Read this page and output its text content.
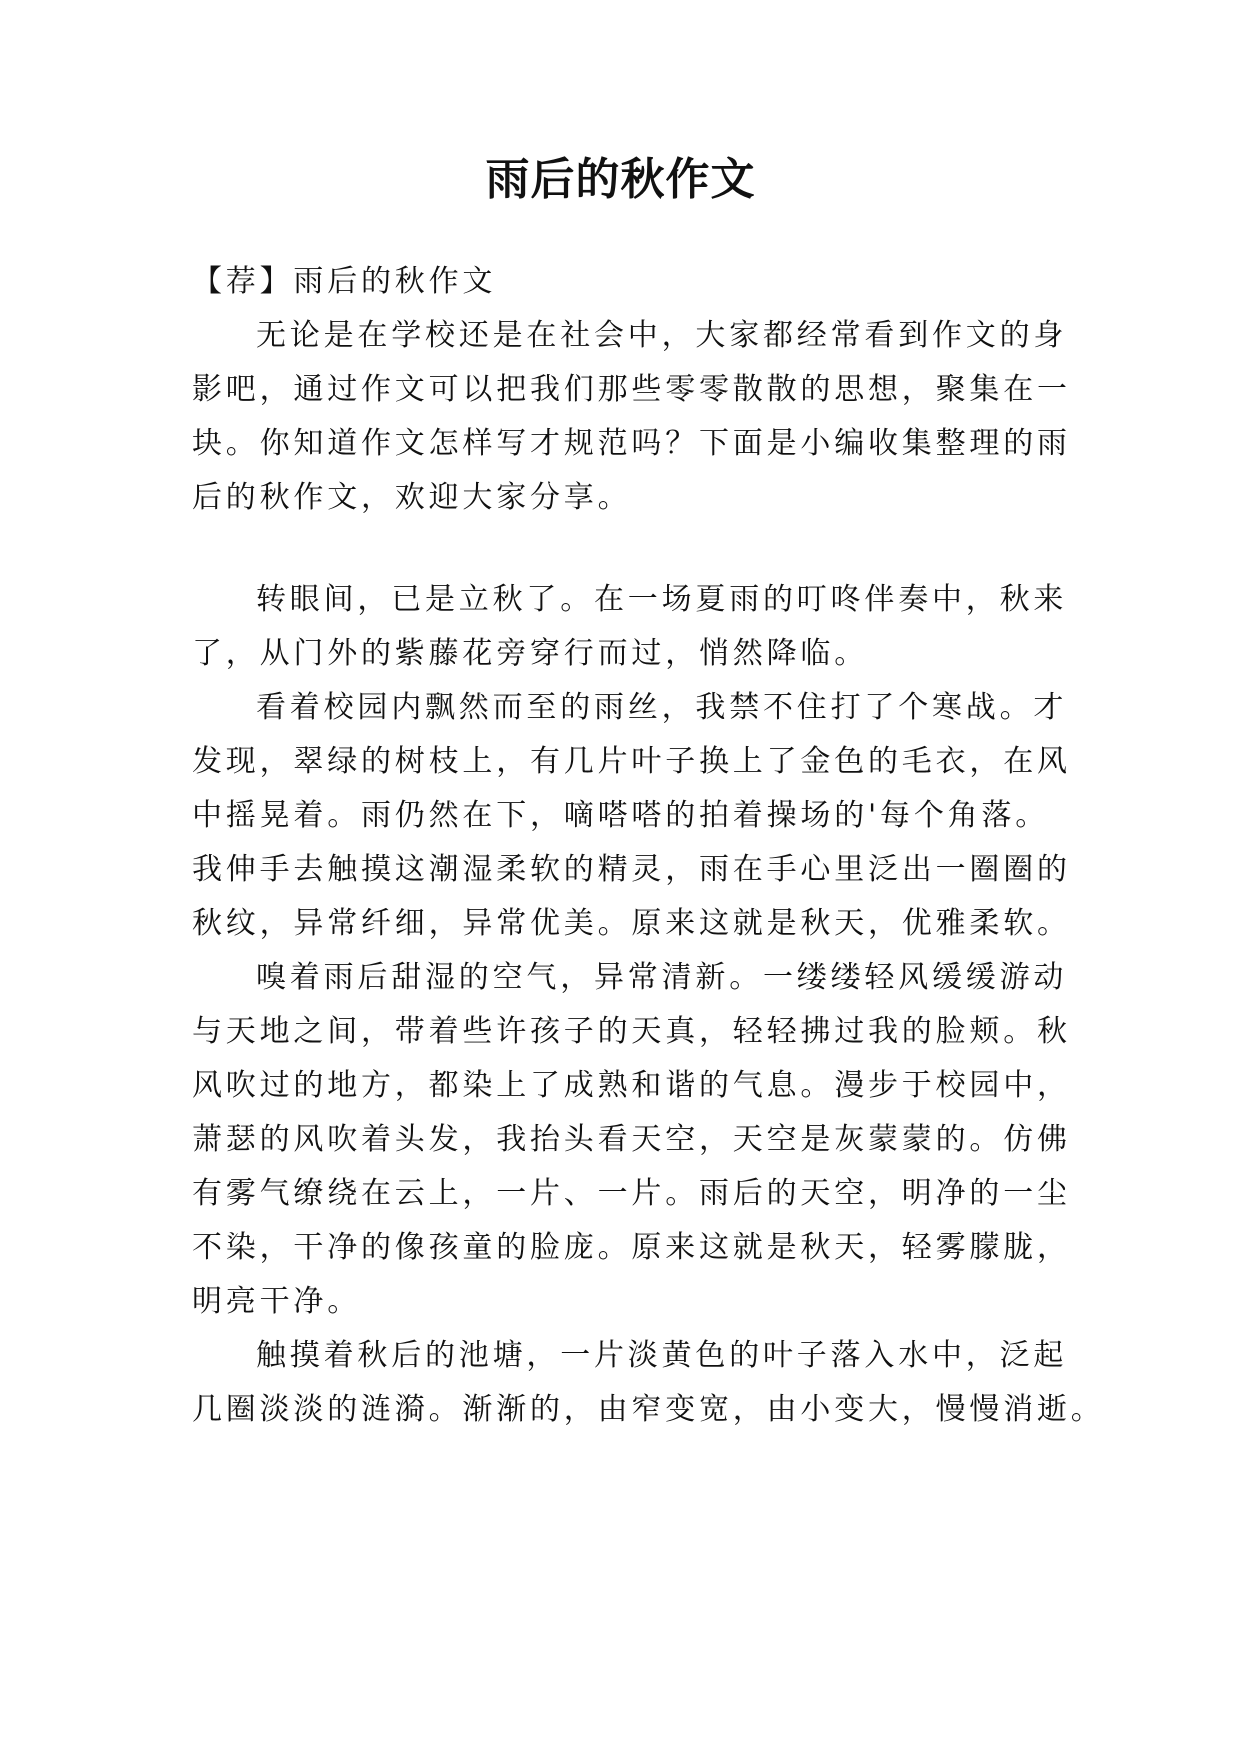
雨后的秋作文

【荐】雨后的秋作文

无论是在学校还是在社会中，大家都经常看到作文的身

影吧，通过作文可以把我们那些零零散散的思想，聚集在一

块。你知道作文怎样写才规范吗？下面是小编收集整理的雨

后的秋作文，欢迎大家分享。

转眼间，已是立秋了。在一场夏雨的叮咚伴奏中，秋来

了，从门外的紫藤花旁穿行而过，悄然降临。

看着校园内飘然而至的雨丝，我禁不住打了个寒战。才

发现，翠绿的树枝上，有几片叶子换上了金色的毛衣，在风

中摇晃着。雨仍然在下，嘀嗒嗒的拍着操场的'每个角落。

我伸手去触摸这潮湿柔软的精灵，雨在手心里泛出一圈圈的

秋纹，异常纤细，异常优美。原来这就是秋天，优雅柔软。

嗅着雨后甜湿的空气，异常清新。一缕缕轻风缓缓游动

与天地之间，带着些许孩子的天真，轻轻拂过我的脸颊。秋

风吹过的地方，都染上了成熟和谐的气息。漫步于校园中，

萧瑟的风吹着头发，我抬头看天空，天空是灰蒙蒙的。仿佛

有雾气缭绕在云上，一片、一片。雨后的天空，明净的一尘

不染，干净的像孩童的脸庞。原来这就是秋天，轻雾朦胧，

明亮干净。

触摸着秋后的池塘，一片淡黄色的叶子落入水中，泛起

几圈淡淡的涟漪。渐渐的，由窄变宽，由小变大，慢慢消逝。
